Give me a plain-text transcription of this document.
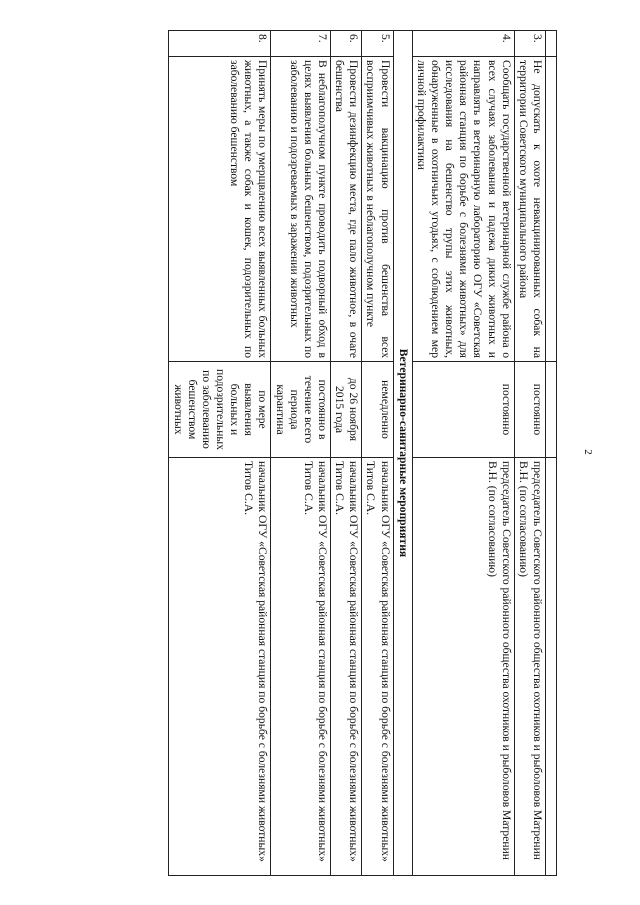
2

3.	Не допускать к охоте невакцинированных собак на территории Советского муниципального района	постоянно	председатель Советского районного общества охотников и рыболовов Матренин В.Н. (по согласованию)
4.	Сообщать государственной ветеринарной службе района о всех случаях заболевания и падежа диких животных и направлять в ветеринарную лабораторию ОГУ «Советская районная станция по борьбе с болезнями животных» для исследования на бешенство трупы этих животных, обнаруженные в охотничьих угодьях, с соблюдением мер личной профилактики	постоянно	председатель Советского районного общества охотников и рыболовов Матренин В.Н. (по согласованию)
Ветеринарно-санитарные мероприятия			
5.	Провести вакцинацию против бешенства всех восприимчивых животных в неблагополучном пункте	немедленно	начальник ОГУ «Советская районная станция по борьбе с болезнями животных» Титов С.А.
6.	Провести дезинфекцию места, где пало животное, в очаге бешенства	до 26 ноября 2015 года	начальник ОГУ «Советская районная станция по борьбе с болезнями животных» Титов С.А.
7.	В неблагополучном пункте проводить подворный обход в целях выявления больных бешенством, подозрительных по заболеванию и подозреваемых в заражении животных	постоянно в течение всего периода карантина	начальник ОГУ «Советская районная станция по борьбе с болезнями животных» Титов С.А.
8.	Принять меры по умерщвлению всех выявленных больных животных, а также собак и кошек, подозрительных по заболеванию бешенством	по мере выявления больных и подозрительных по заболеванию бешенством животных	начальник ОГУ «Советская районная станция по борьбе с болезнями животных» Титов С.А.
